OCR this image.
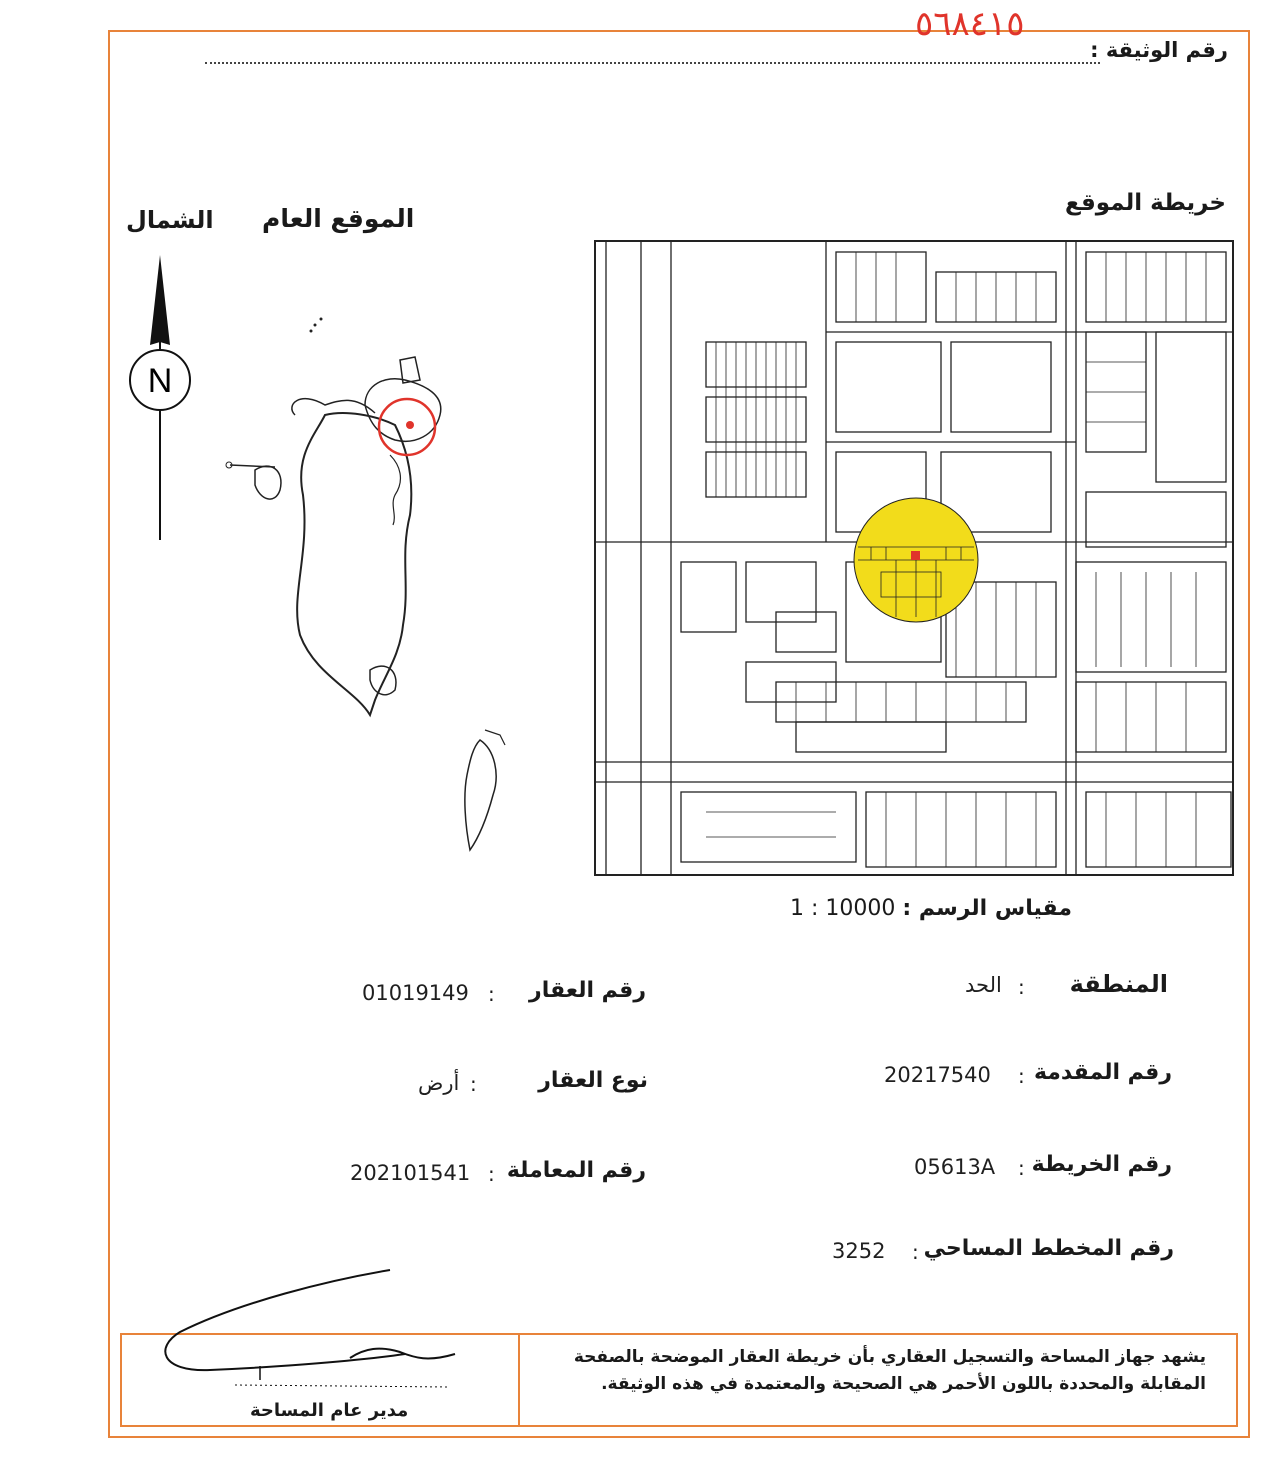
٥٦٨٤١٥
رقم الوثيقة :
الموقع العام
الشمال
N
خريطة الموقع
مقياس الرسم : 1 : 10000
المنطقة
:
الحد
رقم المقدمة
:
20217540
رقم الخريطة
:
05613A
رقم المخطط المساحي
:
3252
رقم العقار
:
01019149
نوع العقار
:
أرض
رقم المعاملة
:
202101541
يشهد جهاز المساحة والتسجيل العقاري بأن خريطة العقار الموضحة بالصفحة المقابلة والمحددة باللون الأحمر هي الصحيحة والمعتمدة في هذه الوثيقة.
مدير عام المساحة
